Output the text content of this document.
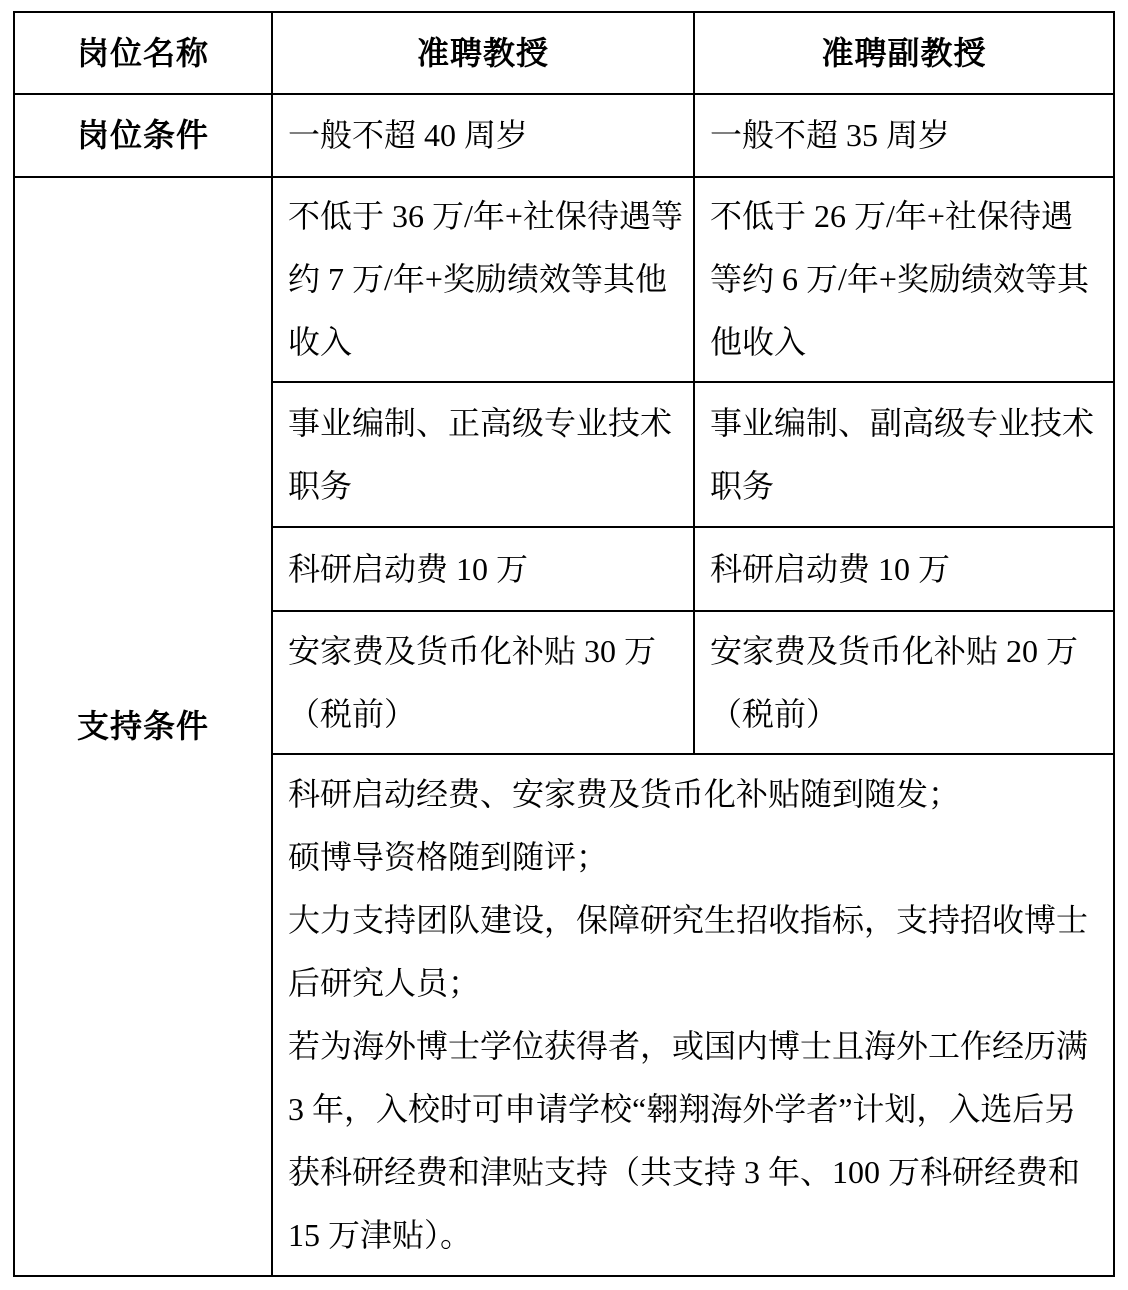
岗位名称	准聘教授	准聘副教授
岗位条件	一般不超 40 周岁	一般不超 35 周岁
支持条件	不低于 36 万/年+社保待遇等约 7 万/年+奖励绩效等其他收入	不低于 26 万/年+社保待遇等约 6 万/年+奖励绩效等其他收入
	事业编制、正高级专业技术职务	事业编制、副高级专业技术职务
	科研启动费 10 万	科研启动费 10 万
	安家费及货币化补贴 30 万（税前）	安家费及货币化补贴 20 万（税前）

	科研启动经费、安家费及货币化补贴随到随发；

硕博导资格随到随评；

大力支持团队建设，保障研究生招收指标，支持招收博士后研究人员；

若为海外博士学位获得者，或国内博士且海外工作经历满 3 年，入校时可申请学校“翱翔海外学者”计划，入选后另获科研经费和津贴支持（共支持 3 年、100 万科研经费和 15 万津贴）。	
